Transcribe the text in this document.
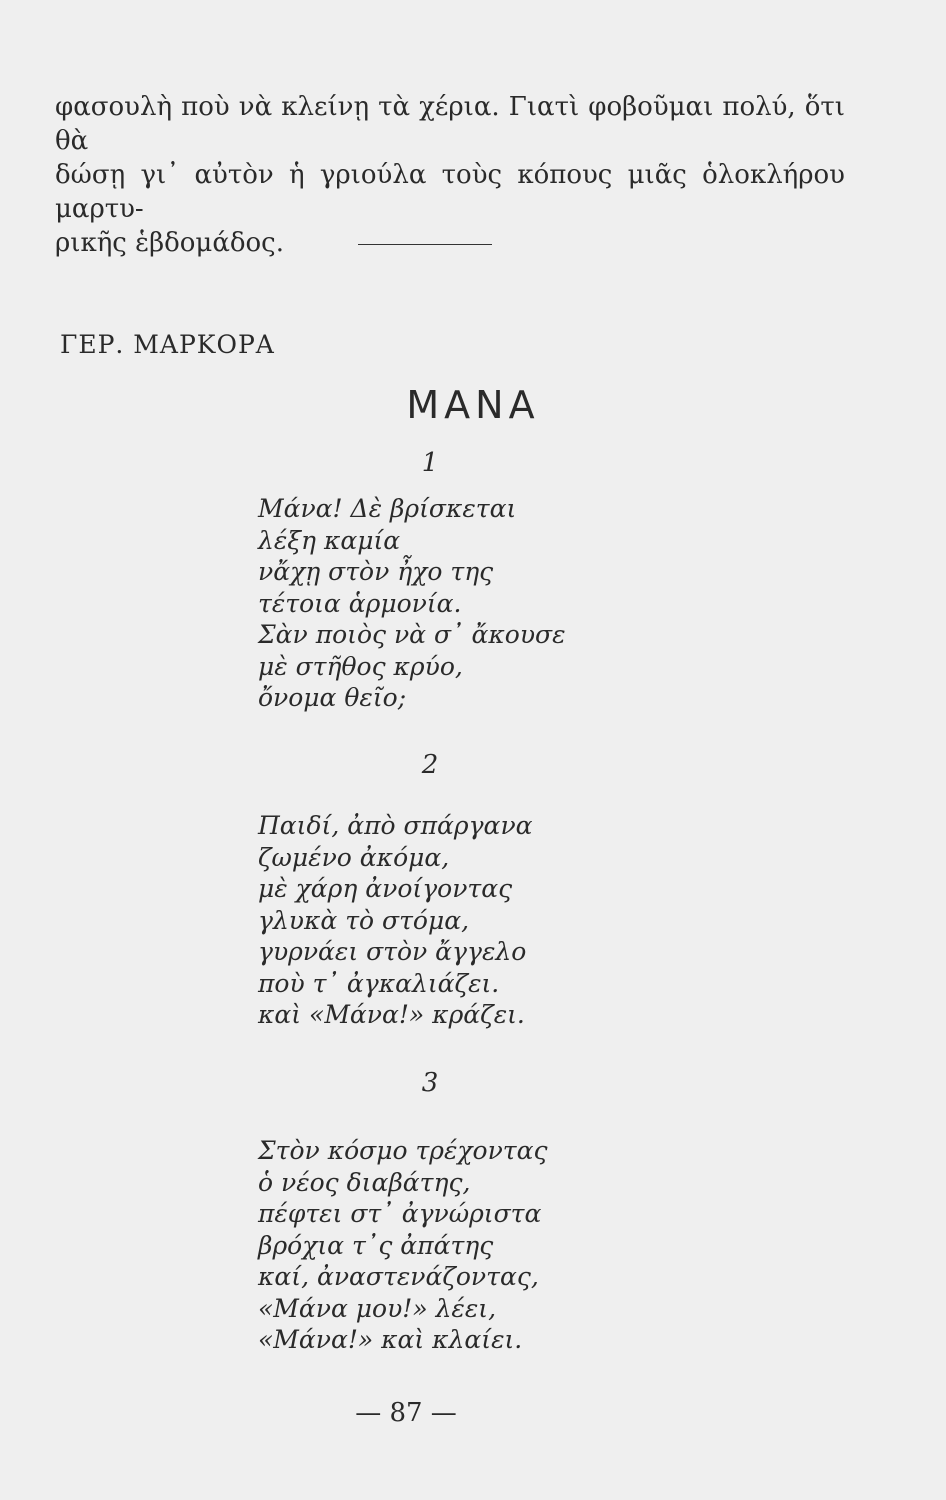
φασουλὴ ποὺ νὰ κλείνῃ τὰ χέρια. Γιατὶ φοβοῦμαι πολύ, ὅτι θὰ

δώσῃ γι᾽ αὐτὸν ἡ γριούλα τοὺς κόπους μιᾶς ὁλοκλήρου μαρτυ-

ρικῆς ἑβδομάδος.

ΓΕΡ. ΜΑΡΚΟΡΑ
ΜΑΝΑ
1
Μάνα! Δὲ βρίσκεται
λέξη καμία
νἄχῃ στὸν ἦχο της
τέτοια ἁρμονία.
Σὰν ποιὸς νὰ σ᾽ ἄκουσε
μὲ στῆθος κρύο,
ὄνομα θεῖο;
2
Παιδί, ἀπὸ σπάργανα
ζωμένο ἀκόμα,
μὲ χάρη ἀνοίγοντας
γλυκὰ τὸ στόμα,
γυρνάει στὸν ἄγγελο
ποὺ τ᾽ ἀγκαλιάζει.
καὶ «Μάνα!» κράζει.
3
Στὸν κόσμο τρέχοντας
ὁ νέος διαβάτης,
πέφτει στ᾽ ἀγνώριστα
βρόχια τ᾽ς ἀπάτης
καί, ἀναστενάζοντας,
«Μάνα μου!» λέει,
«Μάνα!» καὶ κλαίει.
— 87 —
